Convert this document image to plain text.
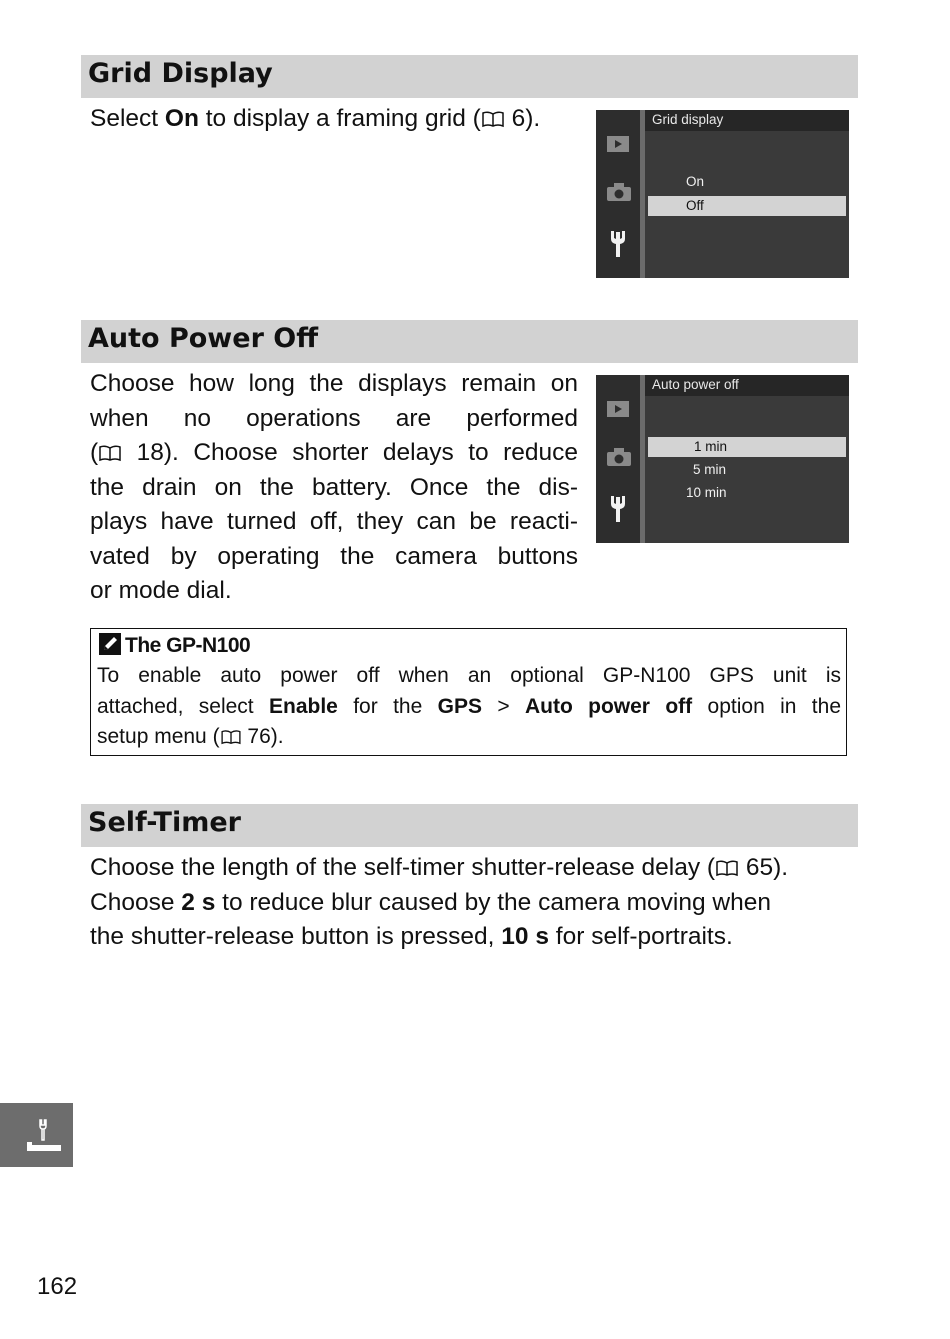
Grid Display
Select On to display a framing grid ( 6).	Grid display
On
Off
Auto Power Off

Choose how long the displays remain on

when no operations are performed

( 18). Choose shorter delays to reduce

the drain on the battery. Once the dis-

plays have turned off, they can be reacti-

vated by operating the camera buttons

or mode dial.

Auto power off
1 min
5 min
10 min
The GP-N100

To enable auto power off when an optional GP-N100 GPS unit is

attached, select Enable for the GPS > Auto power off option in the

setup menu ( 76).

Self-Timer
Choose the length of the self-timer shutter-release delay ( 65).
Choose 2 s to reduce blur caused by the camera moving when
the shutter-release button is pressed, 10 s for self-portraits.
162
